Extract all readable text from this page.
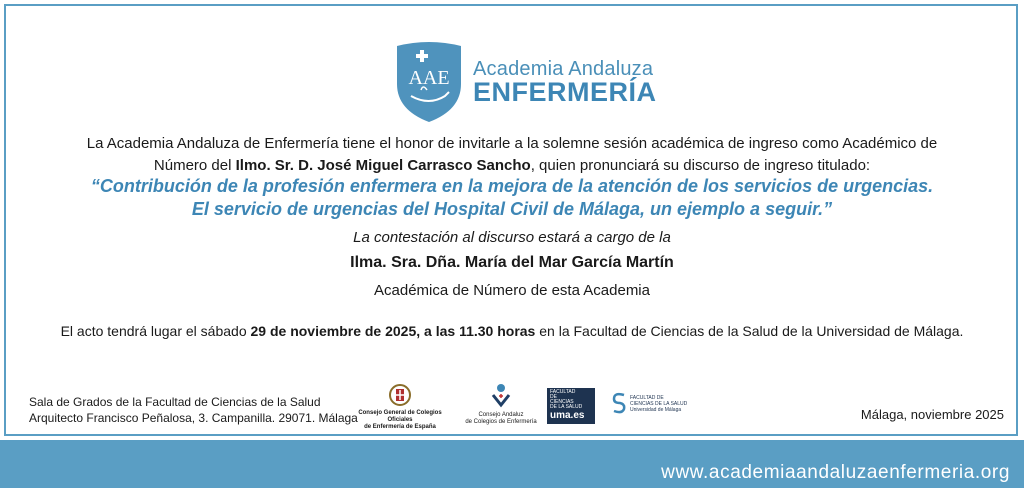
AAE Academia Andaluza
ENFERMERÍA
La Academia Andaluza de Enfermería tiene el honor de invitarle a la solemne sesión académica de ingreso como Académico de
Número del Ilmo. Sr. D. José Miguel Carrasco Sancho, quien pronunciará su discurso de ingreso titulado:
“Contribución de la profesión enfermera en la mejora de la atención de los servicios de urgencias.
El servicio de urgencias del Hospital Civil de Málaga, un ejemplo a seguir.”
La contestación al discurso estará a cargo de la
Ilma. Sra. Dña. María del Mar García Martín
Académica de Número de esta Academia
El acto tendrá lugar el sábado 29 de noviembre de 2025, a las 11.30 horas en la Facultad de Ciencias de la Salud de la Universidad de Málaga.
Sala de Grados de la Facultad de Ciencias de la Salud
Arquitecto Francisco Peñalosa, 3. Campanilla. 29071. Málaga Consejo General de Colegios Oficiales
de Enfermería de España
Consejo Andaluz
de Colegios de Enfermería
FACULTAD
DE
CIENCIAS
DE LA SALUD
uma.es
FACULTAD DE
CIENCIAS DE LA SALUD
Universidad de Málaga	Málaga, noviembre 2025
www.academiaandaluzaenfermeria.org
